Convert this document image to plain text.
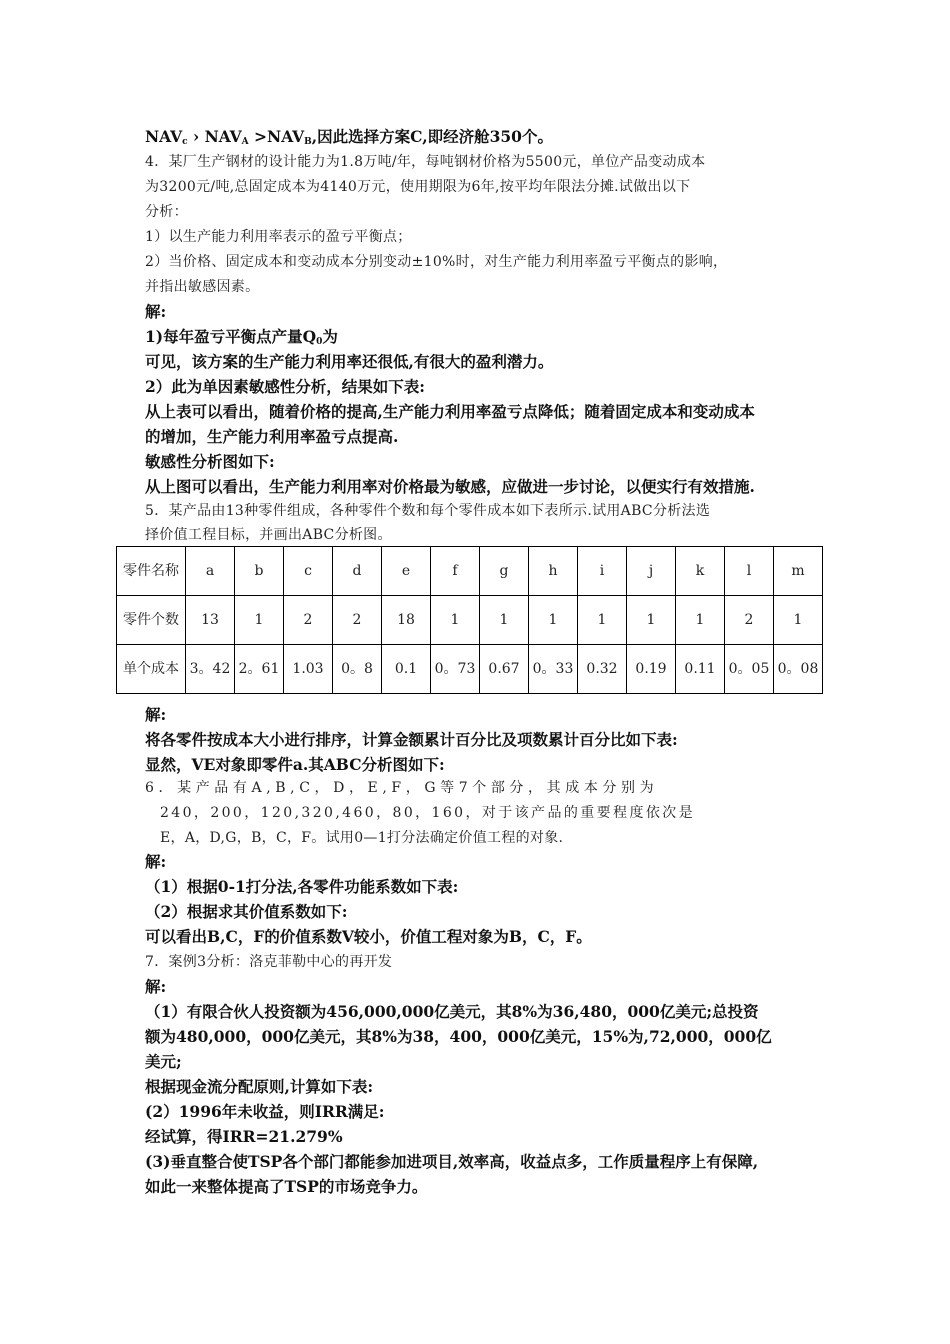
$NAV_c$ › $NAV_A >NAV_B$,因此选择方案C,即经济舱350个。
4．某厂生产钢材的设计能力为1.8万吨/年，每吨钢材价格为5500元，单位产品变动成本
为3200元/吨,总固定成本为4140万元，使用期限为6年,按平均年限法分摊.试做出以下
分析：
1）以生产能力利用率表示的盈亏平衡点；
2）当价格、固定成本和变动成本分别变动±10%时，对生产能力利用率盈亏平衡点的影响，
并指出敏感因素。
解:
1)每年盈亏平衡点产量$Q_0$为
可见，该方案的生产能力利用率还很低,有很大的盈利潜力。
2）此为单因素敏感性分析，结果如下表:
从上表可以看出，随着价格的提高,生产能力利用率盈亏点降低；随着固定成本和变动成本
的增加，生产能力利用率盈亏点提高.
敏感性分析图如下:
从上图可以看出，生产能力利用率对价格最为敏感，应做进一步讨论，以便实行有效措施.
5．某产品由13种零件组成，各种零件个数和每个零件成本如下表所示.试用ABC分析法选
择价值工程目标，并画出ABC分析图。
零件名称	a	b	c	d	e	f	g	h	i	j	k	l	m
零件个数	13	1	2	2	18	1	1	1	1	1	1	2	1
单个成本	3。42	2。61	1.03	0。8	0.1	0。73	0.67	0。33	0.32	0.19	0.11	0。05	0。08
解:
将各零件按成本大小进行排序，计算金额累计百分比及项数累计百分比如下表:
显然，VE对象即零件a.其ABC分析图如下:
6．某产品有A,B,C，D，E,F，G等7个部分，其成本分别为
240，200，120,320,460，80，160，对于该产品的重要程度依次是
E，A，D,G，B，C，F。试用0—1打分法确定价值工程的对象.
解:
（1）根据0-1打分法,各零件功能系数如下表:
（2）根据求其价值系数如下:
可以看出B,C，F的价值系数V较小，价值工程对象为B，C，F。
7．案例3分析：洛克菲勒中心的再开发
解:
（1）有限合伙人投资额为456,000,000亿美元，其8%为36,480，000亿美元;总投资
额为480,000，000亿美元，其8%为38，400，000亿美元，15%为,72,000，000亿
美元;
根据现金流分配原则,计算如下表:
(2）1996年未收益，则IRR满足:
经试算，得IRR=21.279%
(3)垂直整合使TSP各个部门都能参加进项目,效率高，收益点多，工作质量程序上有保障,
如此一来整体提高了TSP的市场竞争力。
